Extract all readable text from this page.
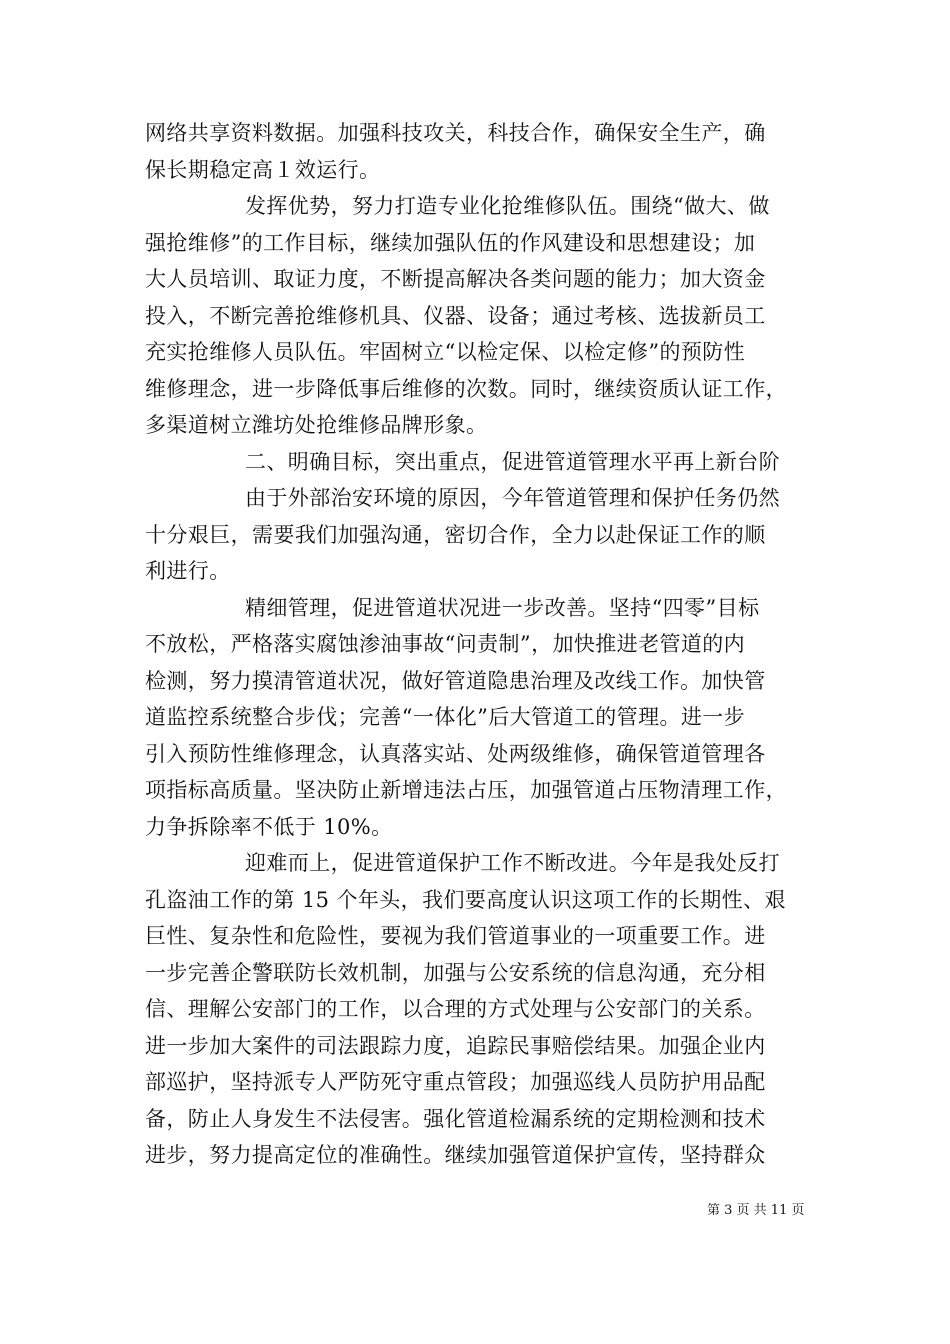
网络共享资料数据。加强科技攻关，科技合作，确保安全生产，确
保长期稳定高１效运行。
发挥优势，努力打造专业化抢维修队伍。围绕“做大、做
强抢维修”的工作目标，继续加强队伍的作风建设和思想建设；加
大人员培训、取证力度，不断提高解决各类问题的能力；加大资金
投入，不断完善抢维修机具、仪器、设备；通过考核、选拔新员工
充实抢维修人员队伍。牢固树立“以检定保、以检定修”的预防性
维修理念，进一步降低事后维修的次数。同时，继续资质认证工作，
多渠道树立潍坊处抢维修品牌形象。
二、明确目标，突出重点，促进管道管理水平再上新台阶
由于外部治安环境的原因，今年管道管理和保护任务仍然
十分艰巨，需要我们加强沟通，密切合作，全力以赴保证工作的顺
利进行。
精细管理，促进管道状况进一步改善。坚持“四零”目标
不放松，严格落实腐蚀渗油事故“问责制”，加快推进老管道的内
检测，努力摸清管道状况，做好管道隐患治理及改线工作。加快管
道监控系统整合步伐；完善“一体化”后大管道工的管理。进一步
引入预防性维修理念，认真落实站、处两级维修，确保管道管理各
项指标高质量。坚决防止新增违法占压，加强管道占压物清理工作，
力争拆除率不低于 10%。
迎难而上，促进管道保护工作不断改进。今年是我处反打
孔盗油工作的第 15 个年头，我们要高度认识这项工作的长期性、艰
巨性、复杂性和危险性，要视为我们管道事业的一项重要工作。进
一步完善企警联防长效机制，加强与公安系统的信息沟通，充分相
信、理解公安部门的工作，以合理的方式处理与公安部门的关系。
进一步加大案件的司法跟踪力度，追踪民事赔偿结果。加强企业内
部巡护，坚持派专人严防死守重点管段；加强巡线人员防护用品配
备，防止人身发生不法侵害。强化管道检漏系统的定期检测和技术
进步，努力提高定位的准确性。继续加强管道保护宣传，坚持群众
第 3 页 共 11 页
